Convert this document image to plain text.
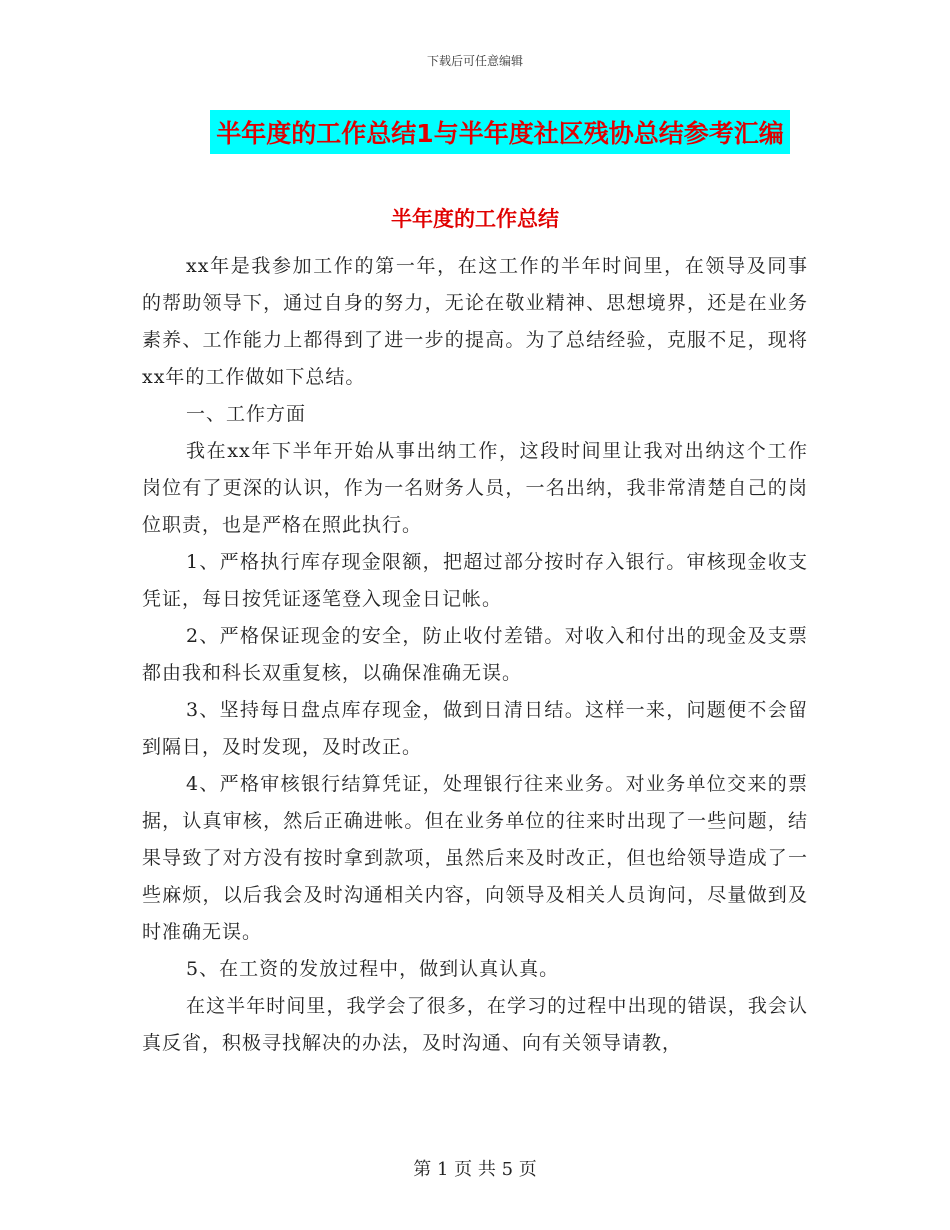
下载后可任意编辑
半年度的工作总结1与半年度社区残协总结参考汇编
半年度的工作总结

xx年是我参加工作的第一年，在这工作的半年时间里，在领导及同事的帮助领导下，通过自身的努力，无论在敬业精神、思想境界，还是在业务素养、工作能力上都得到了进一步的提高。为了总结经验，克服不足，现将xx年的工作做如下总结。

一、工作方面

我在xx年下半年开始从事出纳工作，这段时间里让我对出纳这个工作岗位有了更深的认识，作为一名财务人员，一名出纳，我非常清楚自己的岗位职责，也是严格在照此执行。

1、严格执行库存现金限额，把超过部分按时存入银行。审核现金收支凭证，每日按凭证逐笔登入现金日记帐。

2、严格保证现金的安全，防止收付差错。对收入和付出的现金及支票都由我和科长双重复核，以确保准确无误。

3、坚持每日盘点库存现金，做到日清日结。这样一来，问题便不会留到隔日，及时发现，及时改正。

4、严格审核银行结算凭证，处理银行往来业务。对业务单位交来的票据，认真审核，然后正确进帐。但在业务单位的往来时出现了一些问题，结果导致了对方没有按时拿到款项，虽然后来及时改正，但也给领导造成了一些麻烦，以后我会及时沟通相关内容，向领导及相关人员询问，尽量做到及时准确无误。

5、在工资的发放过程中，做到认真认真。

在这半年时间里，我学会了很多，在学习的过程中出现的错误，我会认真反省，积极寻找解决的办法，及时沟通、向有关领导请教，

第 1 页 共 5 页
